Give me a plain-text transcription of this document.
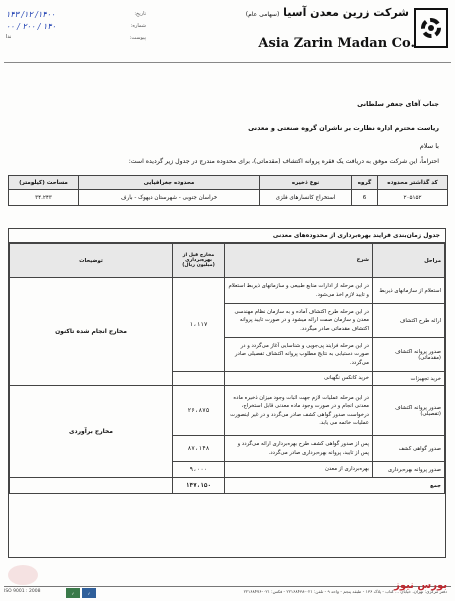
تاریخ:
۱۴۰۰/ ۱۲/ ۱۴۳
شماره:
۱۴۰ / ۲۰۰ / ۰۰
پیوست:
ندا
شرکت زرین معدن آسیا (سهامی عام)
Asia Zarin Madan Co.
جناب آقای جعفر سلطانی
ریاست محترم اداره نظارت بر ناشران گروه صنعتی و معدنی
با سلام
احتراماً، این شرکت موفق به دریافت یک فقره پروانه اکتشاف (مقدماتی)، برای محدوده مندرج در جدول زیر گردیده است:
کد گذاشتر محدوده	گروه	نوع ذخیره	محدوده جغرافیایی	مساحت (کیلومتر)
۲۰۵۱۵۲	6	استخراج کانسارهای فلزی	خراسان جنوبی - شهرستان دیهوک - بارف	۳۴.۲۴۳
جدول زمان‌بندی فرایند بهره‌برداری از محدوده‌های معدنی
مراحل	شرح	مخارج قبل از بهره‌برداری (میلیون ریال)	توضیحات
استعلام از سازمانهای ذیربط	در این مرحله از ادارات منابع طبیعی و سازمانهای ذیربط استعلام و تایید لازم اخذ می‌شود.	۱،۱۱۷	مخارج انجام شده تاکنون
ارائه طرح اکتشاف	در این مرحله طرح اکتشاف آماده و به سازمان نظام مهندسی معدن و سازمان صمت ارائه میشود و در صورت تایید پروانه اکتشاف مقدماتی صادر میگردد.		
صدور پروانه اکتشاف (مقدماتی)	در این مرحله فرایند پی‌جویی و شناسایی آغاز می‌گردد و در صورت دستیابی به نتایج مطلوب پروانه اکتشاف تفصیلی صادر می‌گردد.		
خرید تجهیزات	خرید کانکس نگهبانی		
صدور پروانه اکتشاف (تفصیلی)	در این مرحله عملیات لازم جهت اثبات وجود میزان ذخیره ماده معدنی انجام و در صورت وجود ماده معدنی قابل استخراج، درخواست صدور گواهی کشف صادر می‌گردد و در غیر اینصورت عملیات خاتمه می یابد.	۲۶،۸۷۵	مخارج برآوردی
صدور گواهی کشف	پس از صدور گواهی کشف طرح بهره‌برداری ارائه می‌گردد و پس از تایید، پروانه بهره‌برداری صادر می‌گردد.	۸۷،۱۴۸	
صدور پروانه بهره‌برداری	بهره‌برداری از معدن	۹،۰۰۰	
جمع		۱۴۷،۱۵۰	
ISO 9001 : 2008	✓	✓	دفتر مرکزی: تهران، خیابان ... کتاب - پلاک ۱۳۶ - طبقه پنجم - واحد ۹ - تلفن: ۰۲۱-۲۲۱۶۸۴۳۸ - فکس: ۰۲۱-۲۲۱۶۸۴۷۶
بورس نیوز
